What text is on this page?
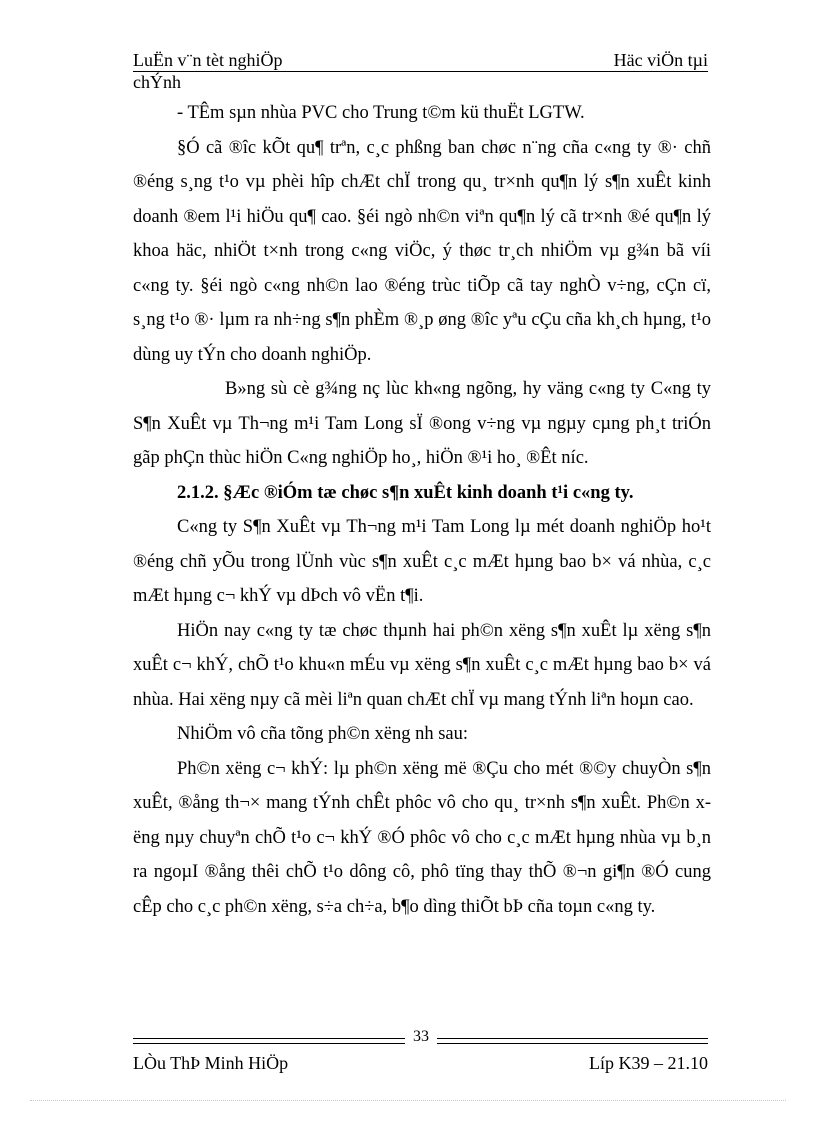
LuËn v¨n tèt nghiÖp	Häc viÖn tµi
chÝnh

- TÊm sµn nhùa PVC cho Trung t©m kü thuËt LGTW.

§Ó cã ®îc kÕt qu¶ trªn, c¸c phßng ban chøc n¨ng cña c«ng ty ®· chñ ®éng s¸ng t¹o vµ phèi hîp chÆt chÏ trong qu¸ tr×nh qu¶n lý s¶n xuÊt kinh doanh ®em l¹i hiÖu qu¶ cao. §éi ngò nh©n viªn qu¶n lý cã tr×nh ®é qu¶n lý khoa häc, nhiÖt t×nh trong c«ng viÖc, ý thøc tr¸ch nhiÖm vµ g¾n bã víi c«ng ty. §éi ngò c«ng nh©n lao ®éng trùc tiÕp cã tay nghÒ v÷ng, cÇn cï, s¸ng t¹o ®· lµm ra nh÷ng s¶n phÈm ®¸p øng ®îc yªu cÇu cña kh¸ch hµng, t¹o dùng uy tÝn cho doanh nghiÖp.

B»ng sù cè g¾ng nç lùc kh«ng ngõng, hy väng c«ng ty C«ng ty S¶n XuÊt vµ Th¬ng m¹i Tam Long sÏ ®ong v÷ng vµ ngµy cµng ph¸t triÓn gãp phÇn thùc hiÖn C«ng nghiÖp ho¸, hiÖn ®¹i ho¸ ®Êt níc.

2.1.2. §Æc ®iÓm tæ chøc s¶n xuÊt kinh doanh t¹i c«ng ty.

C«ng ty S¶n XuÊt vµ Th¬ng m¹i Tam Long lµ mét doanh nghiÖp ho¹t ®éng chñ yÕu trong lÜnh vùc s¶n xuÊt c¸c mÆt hµng bao b× vá nhùa, c¸c mÆt hµng c¬ khÝ vµ dÞch vô vËn t¶i.

HiÖn nay c«ng ty tæ chøc thµnh hai ph©n xëng s¶n xuÊt lµ xëng s¶n xuÊt c¬ khÝ, chÕ t¹o khu«n mÉu vµ xëng s¶n xuÊt c¸c mÆt hµng bao b× vá nhùa. Hai xëng nµy cã mèi liªn quan chÆt chÏ vµ mang tÝnh liªn hoµn cao.

NhiÖm vô cña tõng ph©n xëng nh sau:

Ph©n xëng c¬ khÝ: lµ ph©n xëng më ®Çu cho mét ®©y chuyÒn s¶n xuÊt, ®ång th¬× mang tÝnh chÊt phôc vô cho qu¸ tr×nh s¶n xuÊt. Ph©n xëng nµy chuyªn chÕ t¹o c¬ khÝ ®Ó phôc vô cho c¸c mÆt hµng nhùa vµ b¸n ra ngoµI ®ång thêi chÕ t¹o dông cô, phô tïng thay thÕ ®¬n gi¶n ®Ó cung cÊp cho c¸c ph©n xëng, s÷a ch÷a, b¶o dìng thiÕt bÞ cña toµn c«ng ty.

33
LÒu ThÞ Minh HiÖp	Líp K39 – 21.10
